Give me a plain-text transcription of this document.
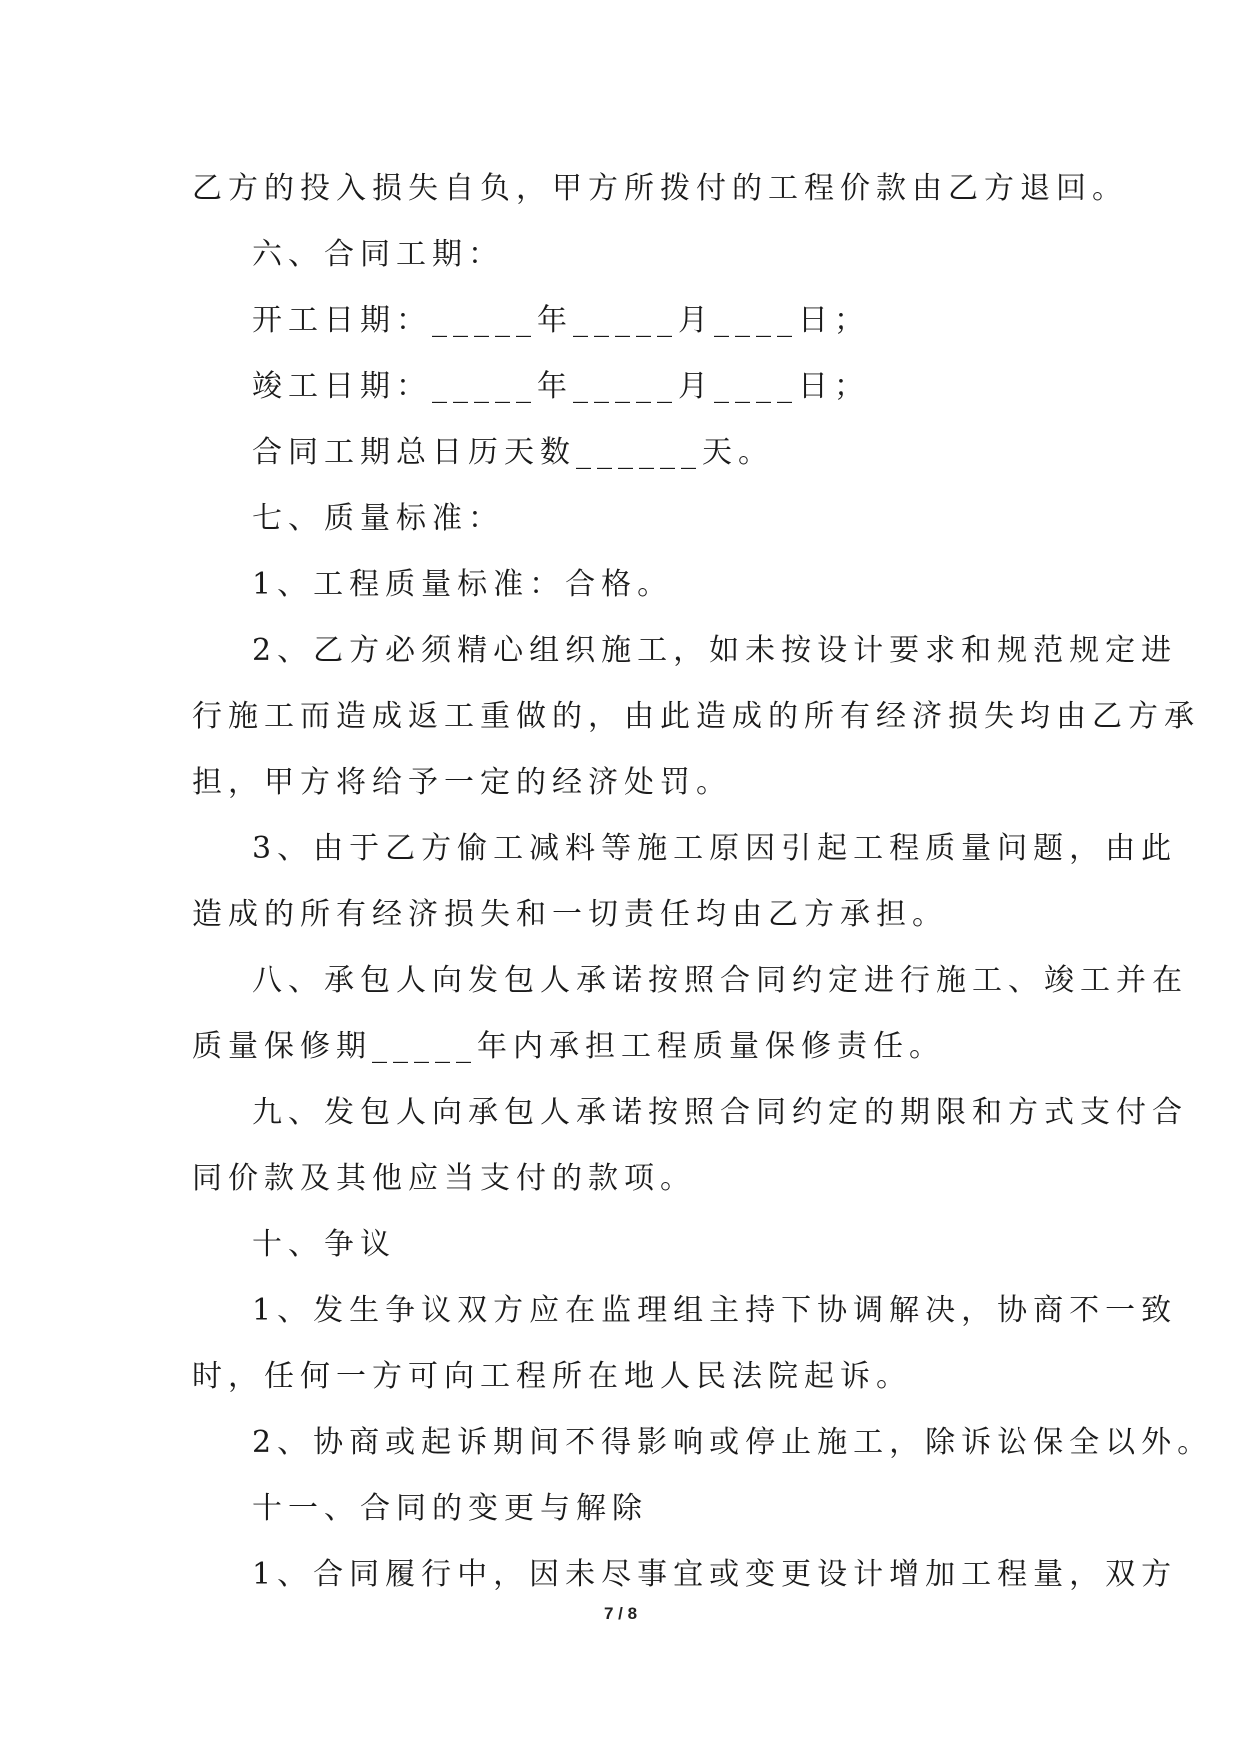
乙方的投入损失自负，甲方所拨付的工程价款由乙方退回。
六、合同工期：
开工日期：_____年_____月____日；
竣工日期：_____年_____月____日；
合同工期总日历天数______天。
七、质量标准：
1、工程质量标准：合格。
2、乙方必须精心组织施工，如未按设计要求和规范规定进
行施工而造成返工重做的，由此造成的所有经济损失均由乙方承
担，甲方将给予一定的经济处罚。
3、由于乙方偷工减料等施工原因引起工程质量问题，由此
造成的所有经济损失和一切责任均由乙方承担。
八、承包人向发包人承诺按照合同约定进行施工、竣工并在
质量保修期_____年内承担工程质量保修责任。
九、发包人向承包人承诺按照合同约定的期限和方式支付合
同价款及其他应当支付的款项。
十、争议
1、发生争议双方应在监理组主持下协调解决，协商不一致
时，任何一方可向工程所在地人民法院起诉。
2、协商或起诉期间不得影响或停止施工，除诉讼保全以外。
十一、合同的变更与解除
1、合同履行中，因未尽事宜或变更设计增加工程量，双方
7 / 8
